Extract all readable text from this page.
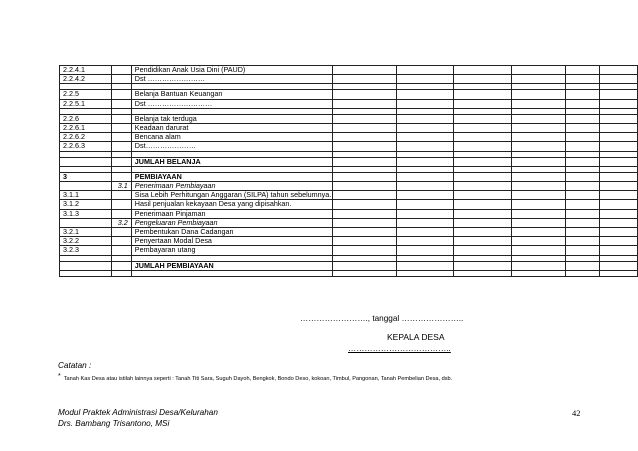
2.2.4.1		Pendidikan Anak Usia Dini (PAUD)						
2.2.4.2		Dst ……………………						

2.2.5		Belanja Bantuan Keuangan						
2.2.5.1		Dst ………………………						

2.2.6		Belanja tak terduga						
2.2.6.1		Keadaan darurat						
2.2.6.2		Bencana alam						
2.2.6.3		Dst…………………						

		JUMLAH BELANJA						

3		PEMBIAYAAN						
	3.1	Penerimaan Pembiayaan						
3.1.1		Sisa Lebih Perhitungan Anggaran (SILPA) tahun sebelumnya.						
3.1.2		Hasil penjualan kekayaan Desa yang dipisahkan.						
3.1.3		Penerimaan Pinjaman						
	3.2	Pengeluaran Pembiayaan						
3.2.1		Pembentukan Dana Cadangan						
3.2.2		Penyertaan Modal Desa						
3.2.3		Pembayaran utang						

		JUMLAH PEMBIAYAAN						

……………………., tanggal …………………..
KEPALA DESA
………………………………..
Catatan :
* Tanah Kas Desa atau istilah lainnya seperti : Tanah Titi Sara, Suguh Dayoh, Bengkok, Bondo Deso, kokoan, Timbul, Pangonan, Tanah Pembelian Desa, dsb.
Modul Praktek Administrasi Desa/Kelurahan
Drs. Bambang Trisantono, MSi
42
